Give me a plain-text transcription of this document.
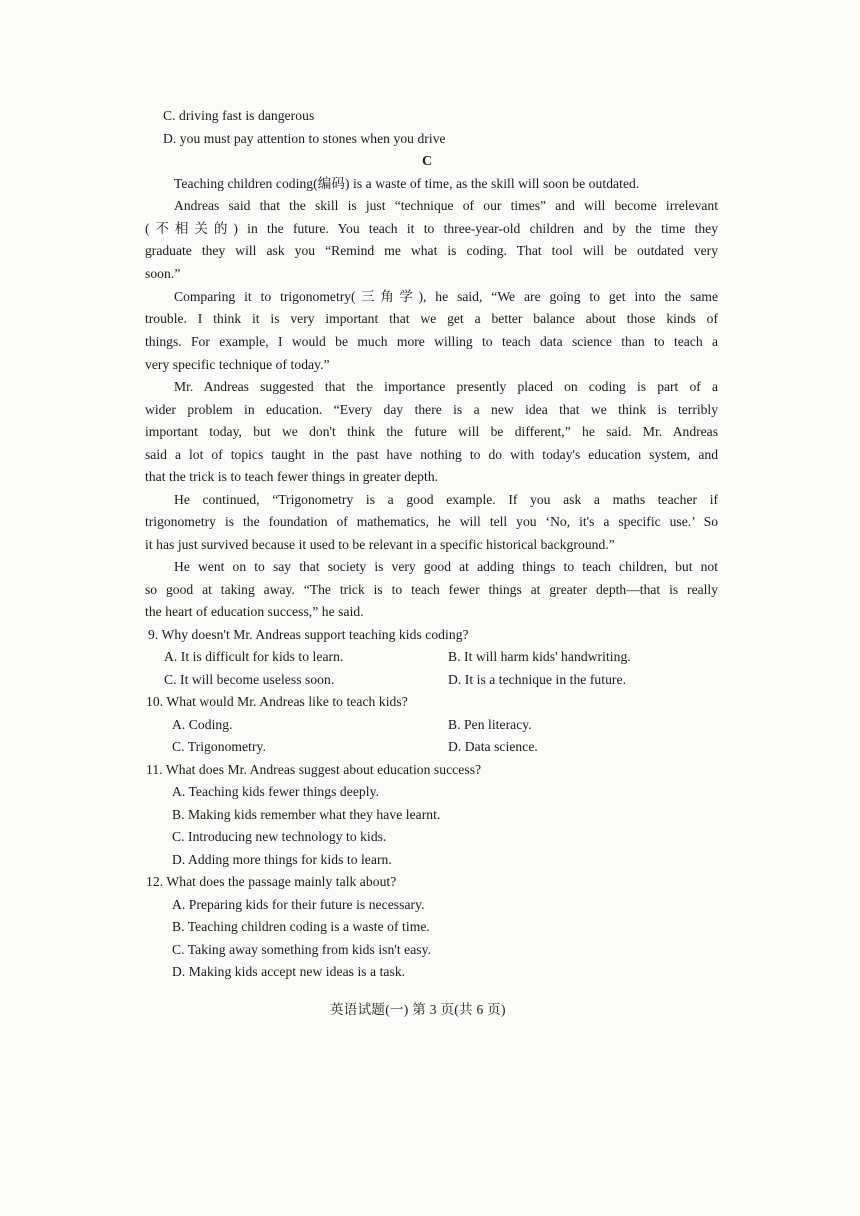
C. driving fast is dangerous
D. you must pay attention to stones when you drive
C
Teaching children coding(编码) is a waste of time, as the skill will soon be outdated.
Andreas said that the skill is just “technique of our times” and will become irrelevant
(不相关的) in the future. You teach it to three-year-old children and by the time they
graduate they will ask you “Remind me what is coding. That tool will be outdated very
soon.”
Comparing it to trigonometry(三角学), he said, “We are going to get into the same
trouble. I think it is very important that we get a better balance about those kinds of
things. For example, I would be much more willing to teach data science than to teach a
very specific technique of today.”
Mr. Andreas suggested that the importance presently placed on coding is part of a
wider problem in education. “Every day there is a new idea that we think is terribly
important today, but we don't think the future will be different,” he said. Mr. Andreas
said a lot of topics taught in the past have nothing to do with today's education system, and
that the trick is to teach fewer things in greater depth.
He continued, “Trigonometry is a good example. If you ask a maths teacher if
trigonometry is the foundation of mathematics, he will tell you ‘No, it's a specific use.’ So
it has just survived because it used to be relevant in a specific historical background.”
He went on to say that society is very good at adding things to teach children, but not
so good at taking away. “The trick is to teach fewer things at greater depth—that is really
the heart of education success,” he said.
9. Why doesn't Mr. Andreas support teaching kids coding?
A. It is difficult for kids to learn.	B. It will harm kids' handwriting.
C. It will become useless soon.	D. It is a technique in the future.
10. What would Mr. Andreas like to teach kids?
A. Coding.	B. Pen literacy.
C. Trigonometry.	D. Data science.
11. What does Mr. Andreas suggest about education success?
A. Teaching kids fewer things deeply.
B. Making kids remember what they have learnt.
C. Introducing new technology to kids.
D. Adding more things for kids to learn.
12. What does the passage mainly talk about?
A. Preparing kids for their future is necessary.
B. Teaching children coding is a waste of time.
C. Taking away something from kids isn't easy.
D. Making kids accept new ideas is a task.
英语试题(一) 第 3 页(共 6 页)
